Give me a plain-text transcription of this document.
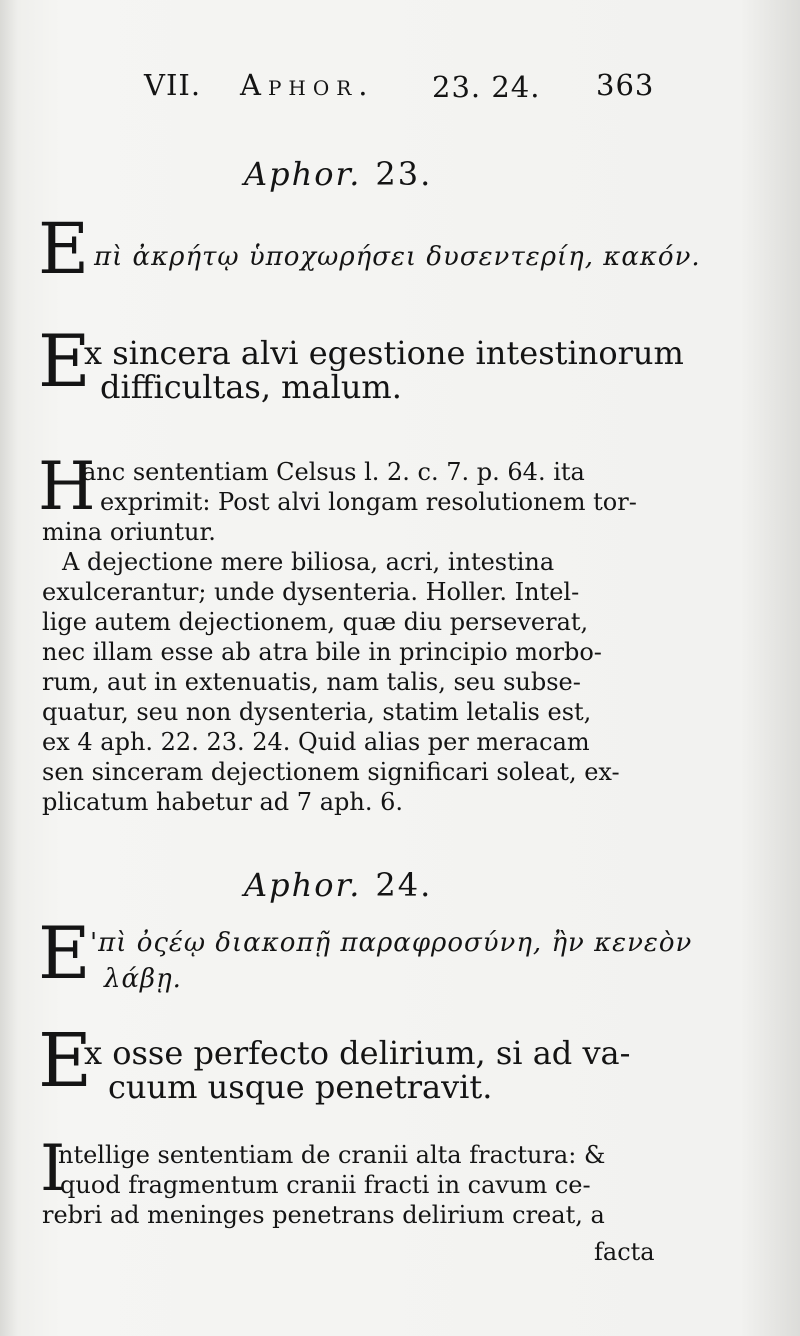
VII. Aphor. 23. 24. 363
Aphor. 23.
E πὶ ἀκρήτῳ ὑποχωρήσει δυσεντερίη, κακόν.
E
x sincera alvi egestione intestinorum
difficultas, malum.
H
anc sententiam Celsus l. 2. c. 7. p. 64. ita
exprimit: Post alvi longam resolutionem tor-
mina oriuntur.
A dejectione mere biliosa, acri, intestina
exulcerantur; unde dysenteria. Holler. Intel-
lige autem dejectionem, quæ diu perseverat,
nec illam esse ab atra bile in principio morbo-
rum, aut in extenuatis, nam talis, seu subse-
quatur, seu non dysenteria, statim letalis est,
ex 4 aph. 22. 23. 24. Quid alias per meracam
sen sinceram dejectionem significari soleat, ex-
plicatum habetur ad 7 aph. 6.
Aphor. 24.
E 'πὶ ὀςέῳ διακοπῇ παραφροσύνη, ἢν κενεὸν
λάβῃ.
E
x osse perfecto delirium, si ad va-
cuum usque penetravit.
I
ntellige sententiam de cranii alta fractura: &
quod fragmentum cranii fracti in cavum ce-
rebri ad meninges penetrans delirium creat, a
facta
